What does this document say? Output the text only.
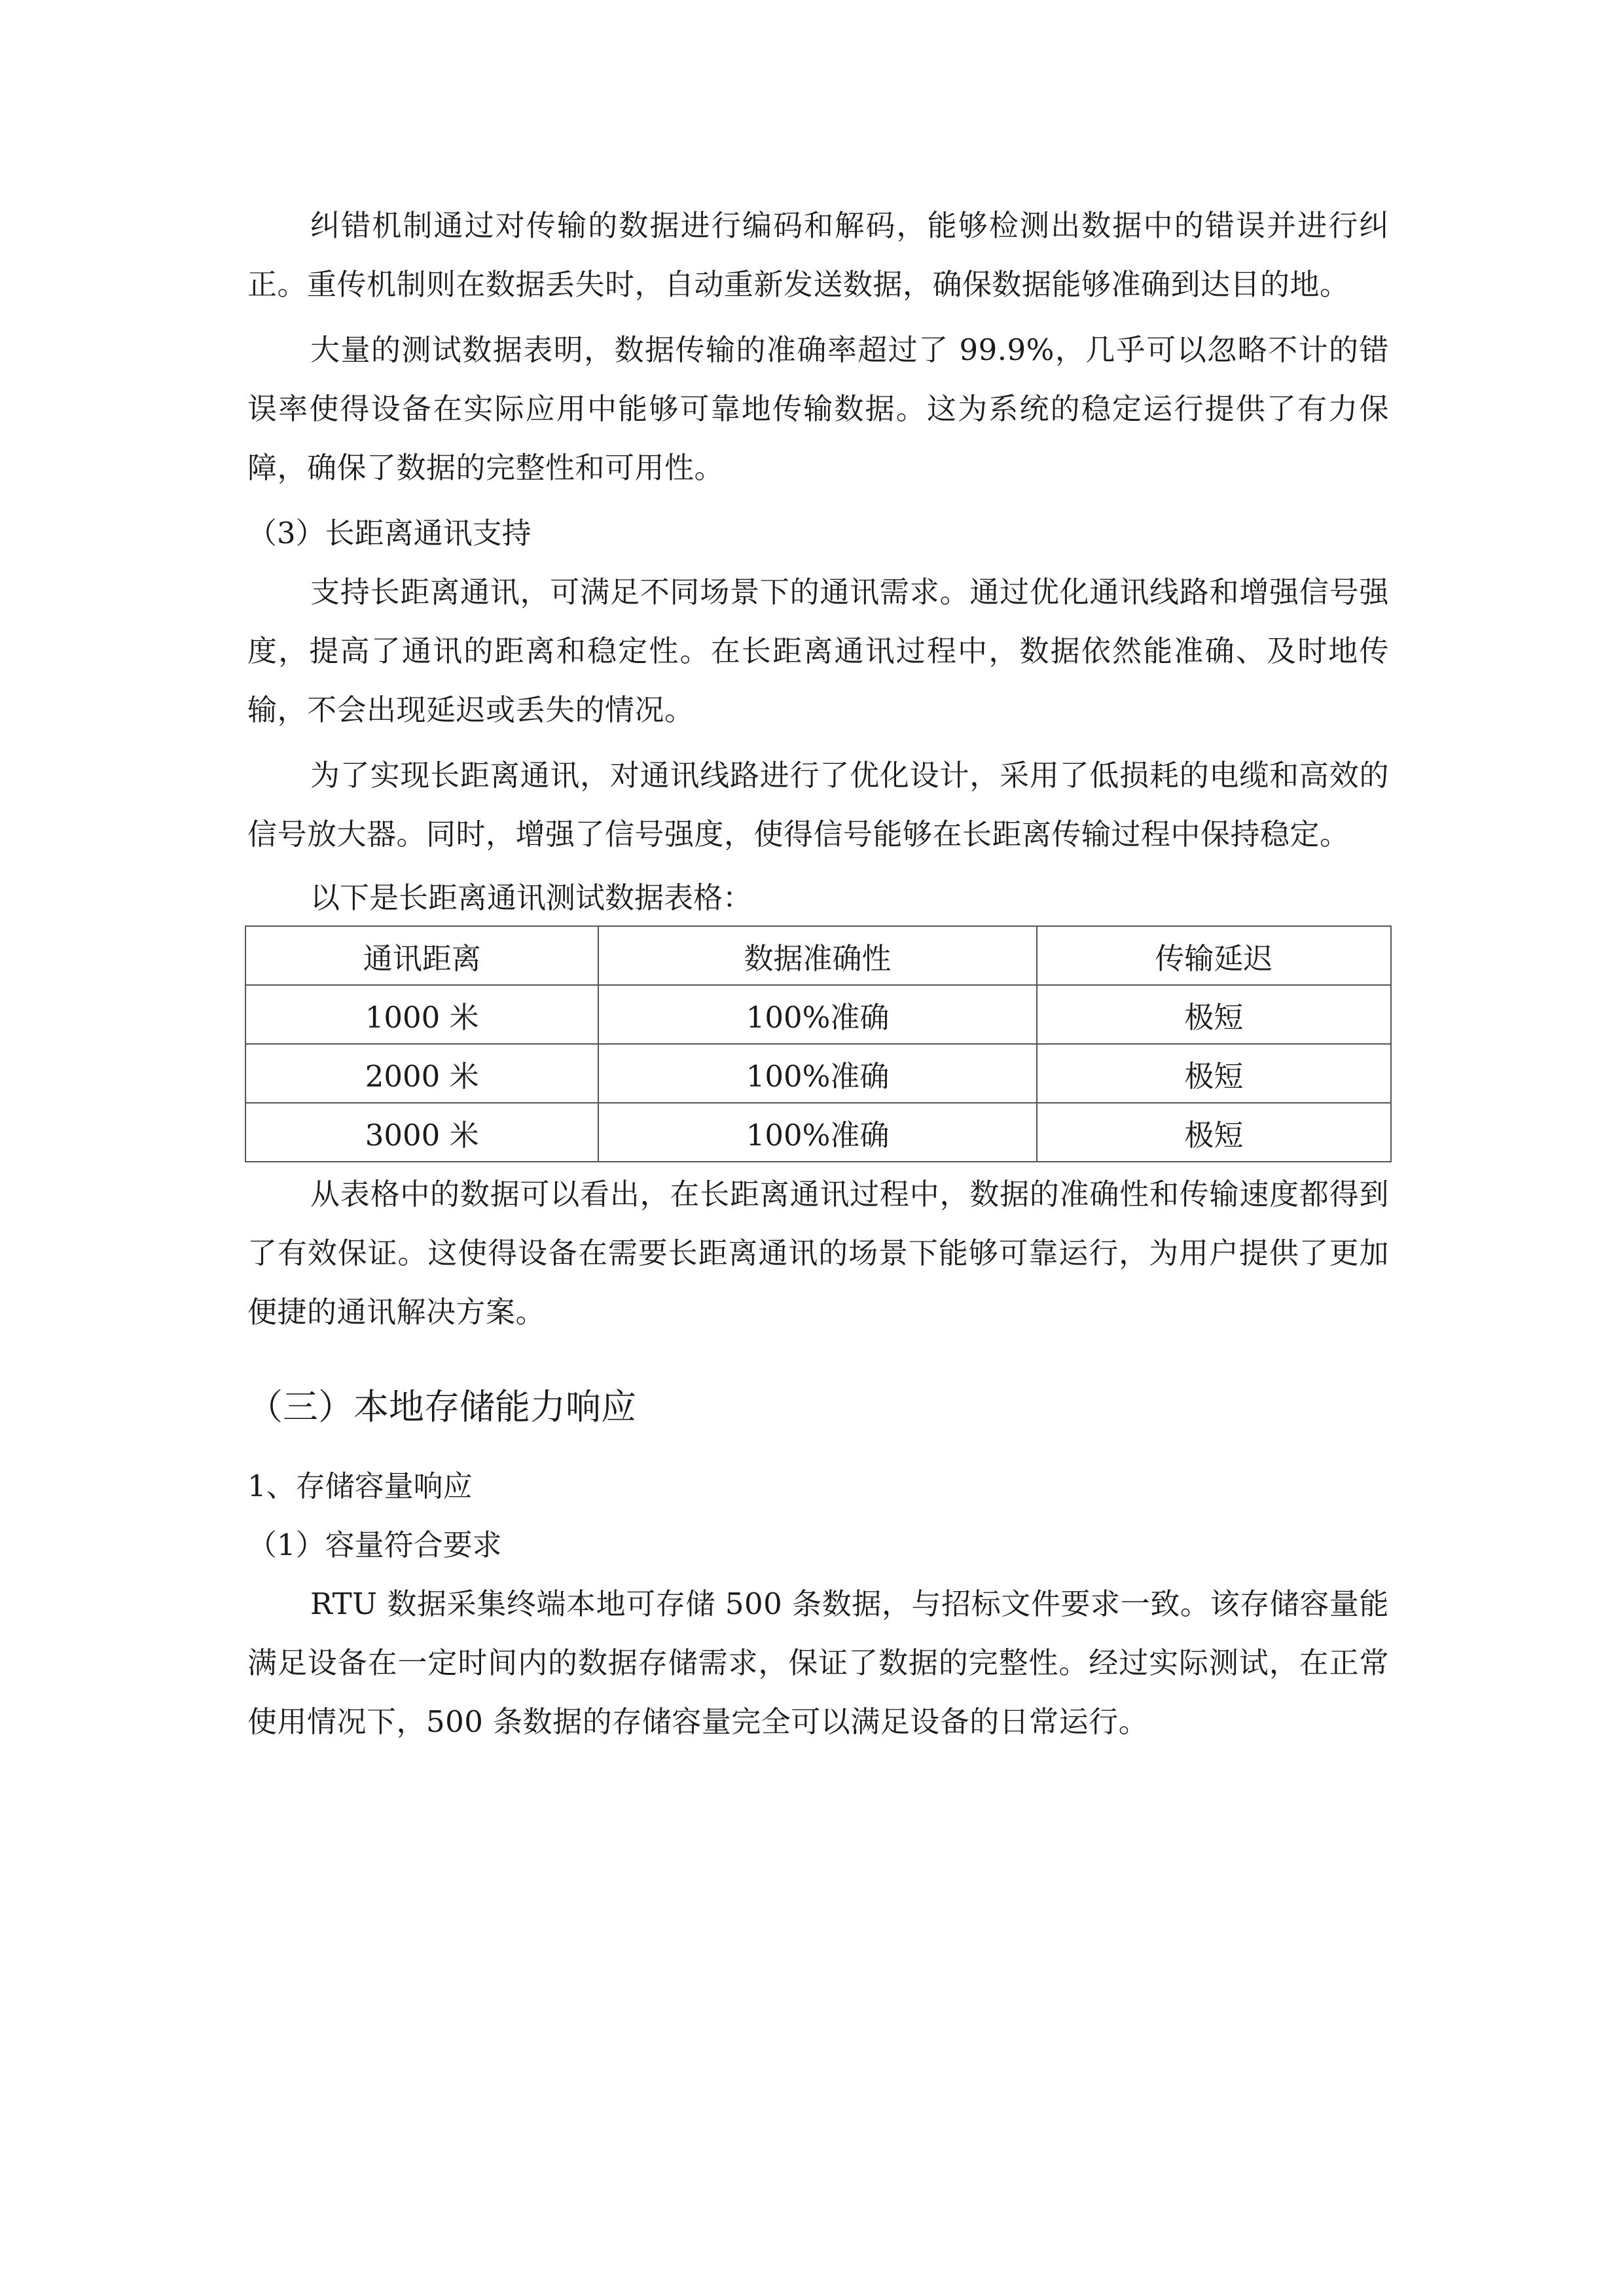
纠错机制通过对传输的数据进行编码和解码，能够检测出数据中的错误并进行纠正。重传机制则在数据丢失时，自动重新发送数据，确保数据能够准确到达目的地。

大量的测试数据表明，数据传输的准确率超过了 99.9%，几乎可以忽略不计的错误率使得设备在实际应用中能够可靠地传输数据。这为系统的稳定运行提供了有力保障，确保了数据的完整性和可用性。

（3）长距离通讯支持

支持长距离通讯，可满足不同场景下的通讯需求。通过优化通讯线路和增强信号强度，提高了通讯的距离和稳定性。在长距离通讯过程中，数据依然能准确、及时地传输，不会出现延迟或丢失的情况。

为了实现长距离通讯，对通讯线路进行了优化设计，采用了低损耗的电缆和高效的信号放大器。同时，增强了信号强度，使得信号能够在长距离传输过程中保持稳定。

以下是长距离通讯测试数据表格：

通讯距离	数据准确性	传输延迟
1000 米	100%准确	极短
2000 米	100%准确	极短
3000 米	100%准确	极短

从表格中的数据可以看出，在长距离通讯过程中，数据的准确性和传输速度都得到了有效保证。这使得设备在需要长距离通讯的场景下能够可靠运行，为用户提供了更加便捷的通讯解决方案。

（三）本地存储能力响应

1、存储容量响应

（1）容量符合要求

RTU 数据采集终端本地可存储 500 条数据，与招标文件要求一致。该存储容量能满足设备在一定时间内的数据存储需求，保证了数据的完整性。经过实际测试，在正常使用情况下，500 条数据的存储容量完全可以满足设备的日常运行。
